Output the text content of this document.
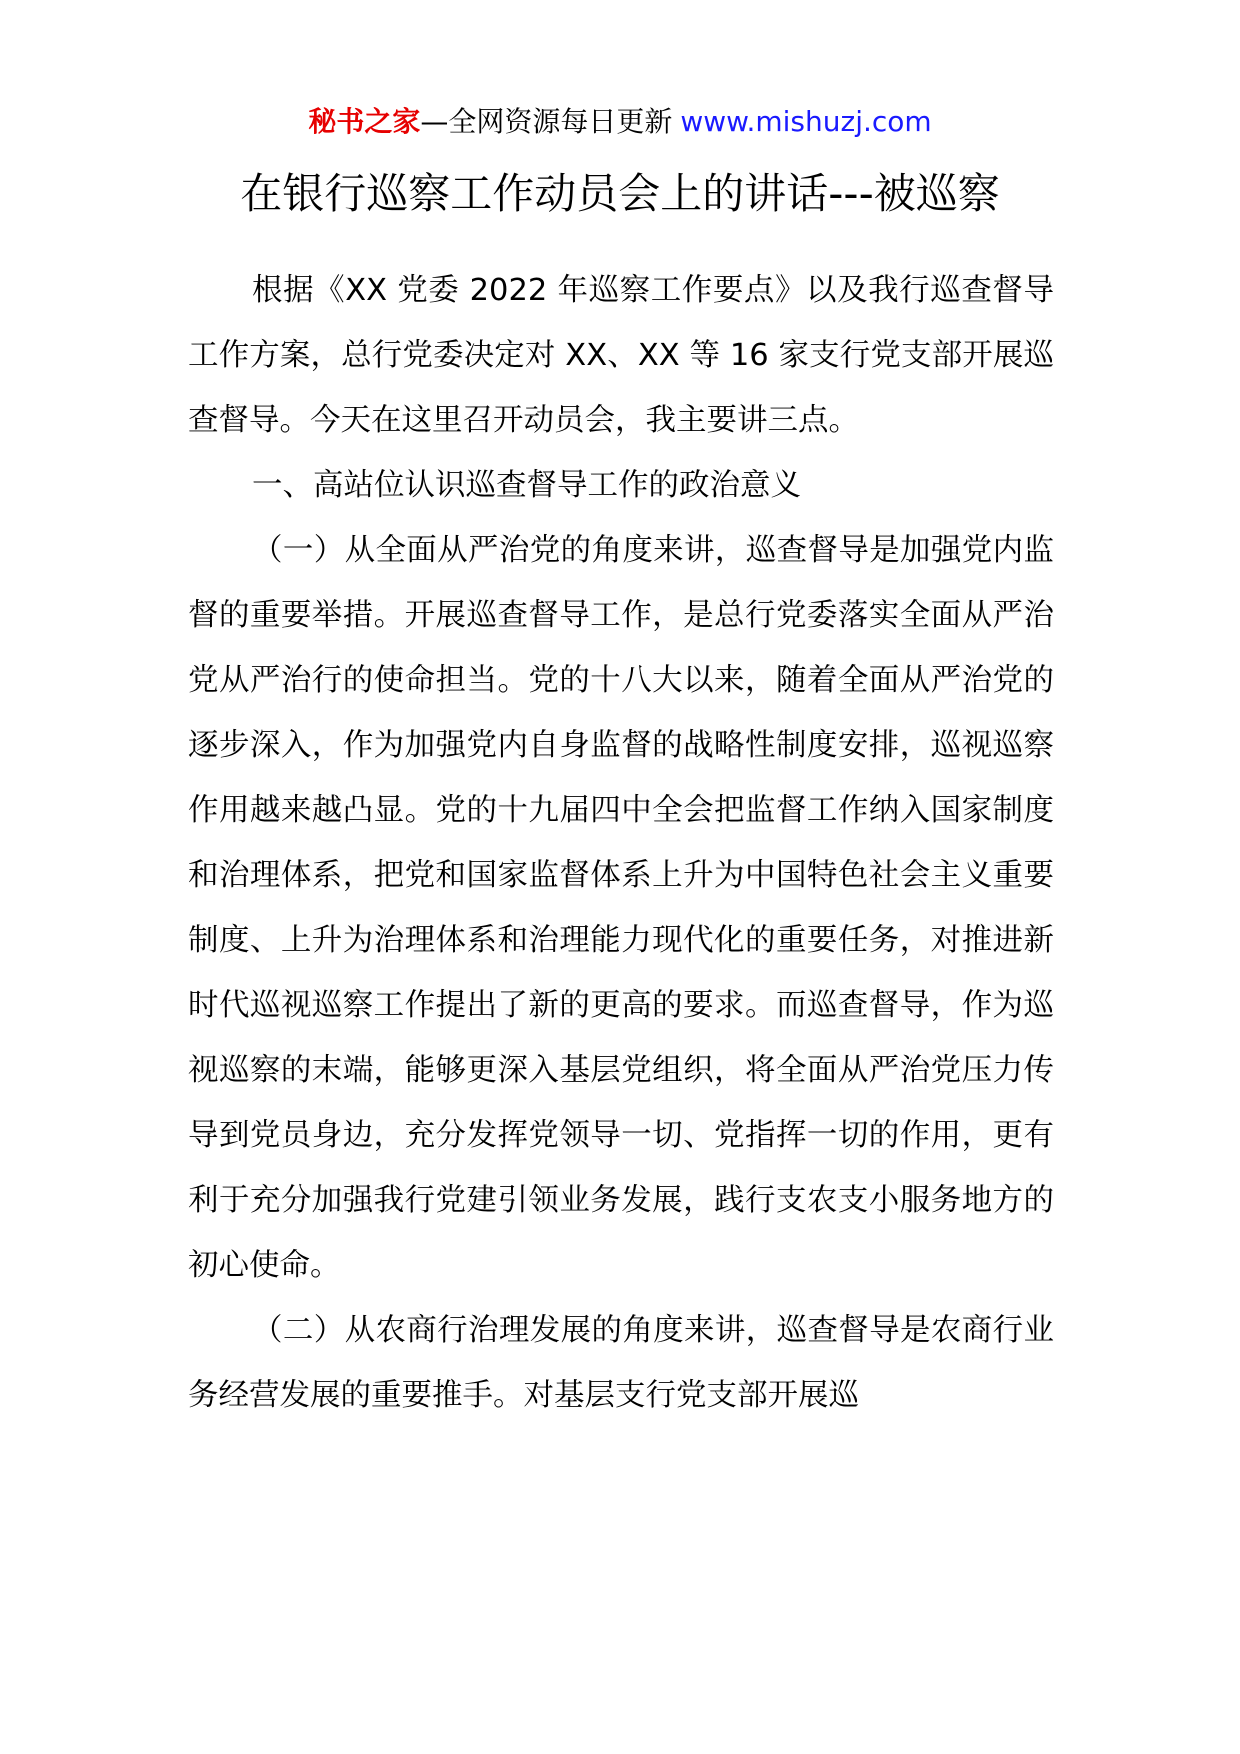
秘书之家—全网资源每日更新 www.mishuzj.com
在银行巡察工作动员会上的讲话---被巡察

根据《XX 党委 2022 年巡察工作要点》以及我行巡查督导工作方案，总行党委决定对 XX、XX 等 16 家支行党支部开展巡查督导。今天在这里召开动员会，我主要讲三点。

一、高站位认识巡查督导工作的政治意义

（一）从全面从严治党的角度来讲，巡查督导是加强党内监督的重要举措。开展巡查督导工作，是总行党委落实全面从严治党从严治行的使命担当。党的十八大以来，随着全面从严治党的逐步深入，作为加强党内自身监督的战略性制度安排，巡视巡察作用越来越凸显。党的十九届四中全会把监督工作纳入国家制度和治理体系，把党和国家监督体系上升为中国特色社会主义重要制度、上升为治理体系和治理能力现代化的重要任务，对推进新时代巡视巡察工作提出了新的更高的要求。而巡查督导，作为巡视巡察的末端，能够更深入基层党组织，将全面从严治党压力传导到党员身边，充分发挥党领导一切、党指挥一切的作用，更有利于充分加强我行党建引领业务发展，践行支农支小服务地方的初心使命。

（二）从农商行治理发展的角度来讲，巡查督导是农商行业务经营发展的重要推手。对基层支行党支部开展巡
